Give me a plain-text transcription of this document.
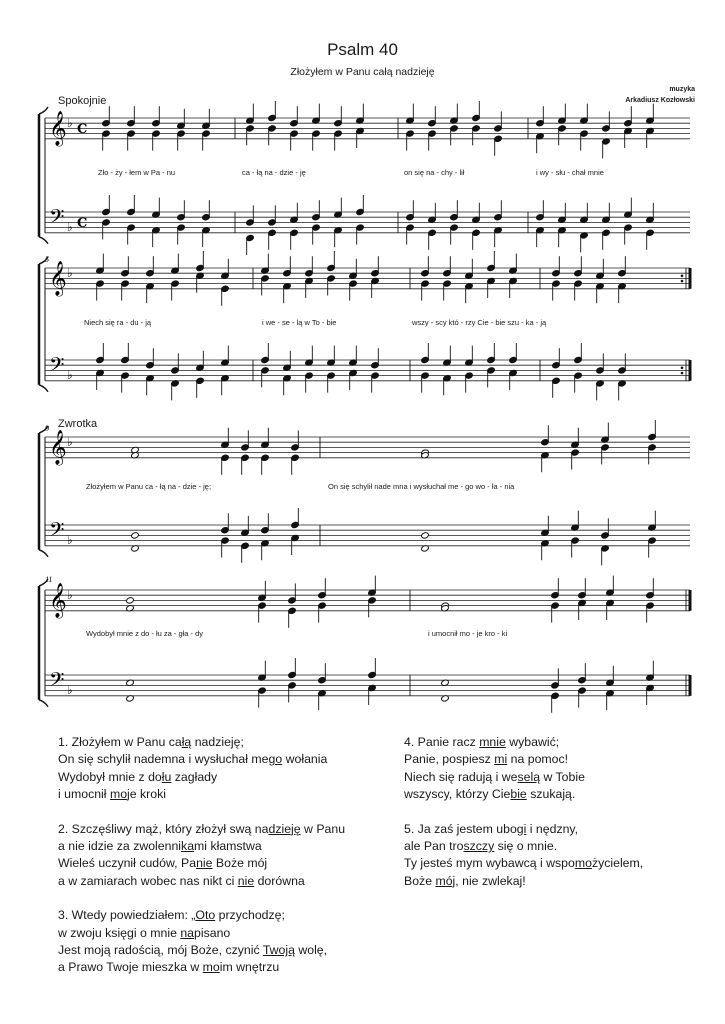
Psalm 40
Złożyłem w Panu całą nadzieję
muzyka
Arkadiusz Kozłowski
Spokojnie
Zwrotka
𝄞
𝄢
♭
♭
C
C
𝄞
𝄢
♭
♭
𝄞
𝄢
♭
♭
𝄞
𝄢
♭
♭
5
9
11
Zło - ży - łem w Pa - nu	ca - łą na - dzie - ję	on się na - chy - lił	i wy - słu - chał mnie
Niech się ra - du - ją	i we - se - lą w To - bie	wszy - scy któ - rzy Cie - bie szu - ka - ją
Złożyłem w Panu ca - łą na - dzie - ję;	On się schylił nade mna i wysłuchał me - go wo - ła - nia
Wydobył mnie z do - łu za - gła - dy	i umocnił mo - je kro - ki
1. Złożyłem w Panu całą nadzieję;
On się schylił nademna i wysłuchał mego wołania
Wydobył mnie z dołu zagłady
i umocnił moje kroki
2. Szczęśliwy mąż, który złożył swą nadzieję w Panu
a nie idzie za zwolennikami kłamstwa
Wieleś uczynił cudów, Panie Boże mój
a w zamiarach wobec nas nikt ci nie dorówna
3. Wtedy powiedziałem: „Oto przychodzę;
w zwoju księgi o mnie napisano
Jest moją radością, mój Boże, czynić Twoją wolę,
a Prawo Twoje mieszka w moim wnętrzu
4. Panie racz mnie wybawić;
Panie, pospiesz mi na pomoc!
Niech się radują i weselą w Tobie
wszyscy, którzy Ciebie szukają.
5. Ja zaś jestem ubogi i nędzny,
ale Pan troszczy się o mnie.
Ty jesteś mym wybawcą i wspomożycielem,
Boże mój, nie zwlekaj!
